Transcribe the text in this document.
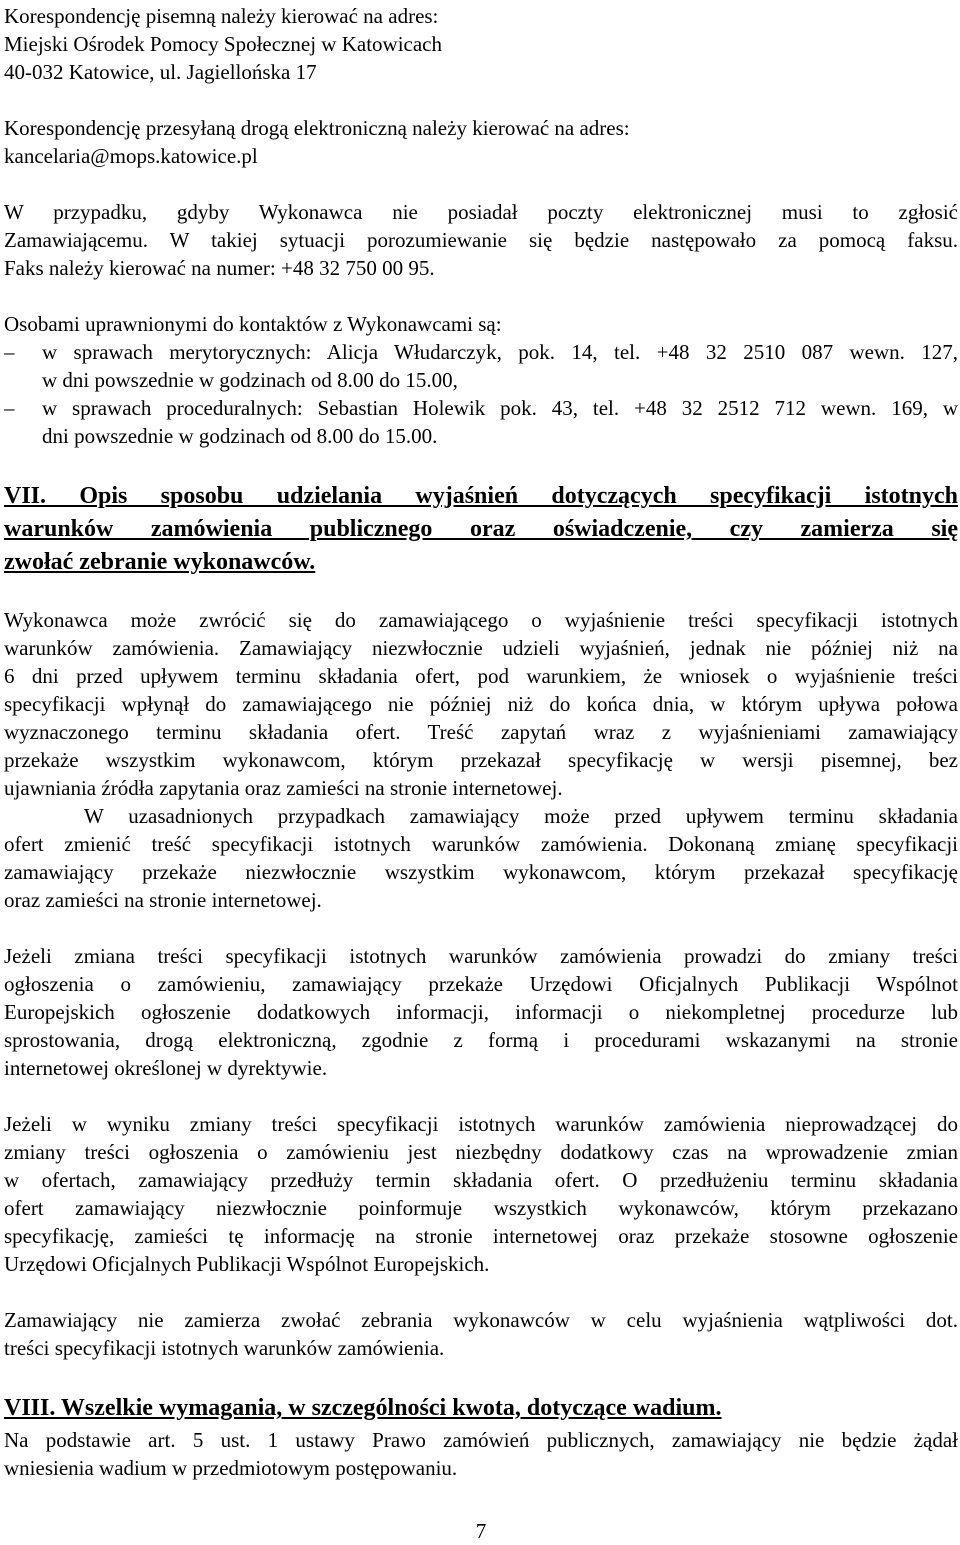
Korespondencję pisemną należy kierować na adres:
Miejski Ośrodek Pomocy Społecznej w Katowicach
40-032 Katowice, ul. Jagiellońska 17
Korespondencję przesyłaną drogą elektroniczną należy kierować na adres:
kancelaria@mops.katowice.pl
W przypadku, gdyby Wykonawca nie posiadał poczty elektronicznej musi to zgłosić
Zamawiającemu. W takiej sytuacji porozumiewanie się będzie następowało za pomocą faksu.
Faks należy kierować na numer: +48 32 750 00 95.
Osobami uprawnionymi do kontaktów z Wykonawcami są:
–	w sprawach merytorycznych: Alicja Włudarczyk, pok. 14, tel. +48 32 2510 087 wewn. 127,
w dni powszednie w godzinach od 8.00 do 15.00,
–	w sprawach proceduralnych: Sebastian Holewik pok. 43, tel. +48 32 2512 712 wewn. 169, w
dni powszednie w godzinach od 8.00 do 15.00.
VII. Opis sposobu udzielania wyjaśnień dotyczących specyfikacji istotnych
warunków zamówienia publicznego oraz oświadczenie, czy zamierza się
zwołać zebranie wykonawców.
Wykonawca może zwrócić się do zamawiającego o wyjaśnienie treści specyfikacji istotnych
warunków zamówienia. Zamawiający niezwłocznie udzieli wyjaśnień, jednak nie później niż na
6 dni przed upływem terminu składania ofert, pod warunkiem, że wniosek o wyjaśnienie treści
specyfikacji wpłynął do zamawiającego nie później niż do końca dnia, w którym upływa połowa
wyznaczonego terminu składania ofert. Treść zapytań wraz z wyjaśnieniami zamawiający
przekaże wszystkim wykonawcom, którym przekazał specyfikację w wersji pisemnej, bez
ujawniania źródła zapytania oraz zamieści na stronie internetowej.
W uzasadnionych przypadkach zamawiający może przed upływem terminu składania
ofert zmienić treść specyfikacji istotnych warunków zamówienia. Dokonaną zmianę specyfikacji
zamawiający przekaże niezwłocznie wszystkim wykonawcom, którym przekazał specyfikację
oraz zamieści na stronie internetowej.
Jeżeli zmiana treści specyfikacji istotnych warunków zamówienia prowadzi do zmiany treści
ogłoszenia o zamówieniu, zamawiający przekaże Urzędowi Oficjalnych Publikacji Wspólnot
Europejskich ogłoszenie dodatkowych informacji, informacji o niekompletnej procedurze lub
sprostowania, drogą elektroniczną, zgodnie z formą i procedurami wskazanymi na stronie
internetowej określonej w dyrektywie.
Jeżeli w wyniku zmiany treści specyfikacji istotnych warunków zamówienia nieprowadzącej do
zmiany treści ogłoszenia o zamówieniu jest niezbędny dodatkowy czas na wprowadzenie zmian
w ofertach, zamawiający przedłuży termin składania ofert. O przedłużeniu terminu składania
ofert zamawiający niezwłocznie poinformuje wszystkich wykonawców, którym przekazano
specyfikację, zamieści tę informację na stronie internetowej oraz przekaże stosowne ogłoszenie
Urzędowi Oficjalnych Publikacji Wspólnot Europejskich.
Zamawiający nie zamierza zwołać zebrania wykonawców w celu wyjaśnienia wątpliwości dot.
treści specyfikacji istotnych warunków zamówienia.
VIII. Wszelkie wymagania, w szczególności kwota, dotyczące wadium.
Na podstawie art. 5 ust. 1 ustawy Prawo zamówień publicznych, zamawiający nie będzie żądał
wniesienia wadium w przedmiotowym postępowaniu.
7
